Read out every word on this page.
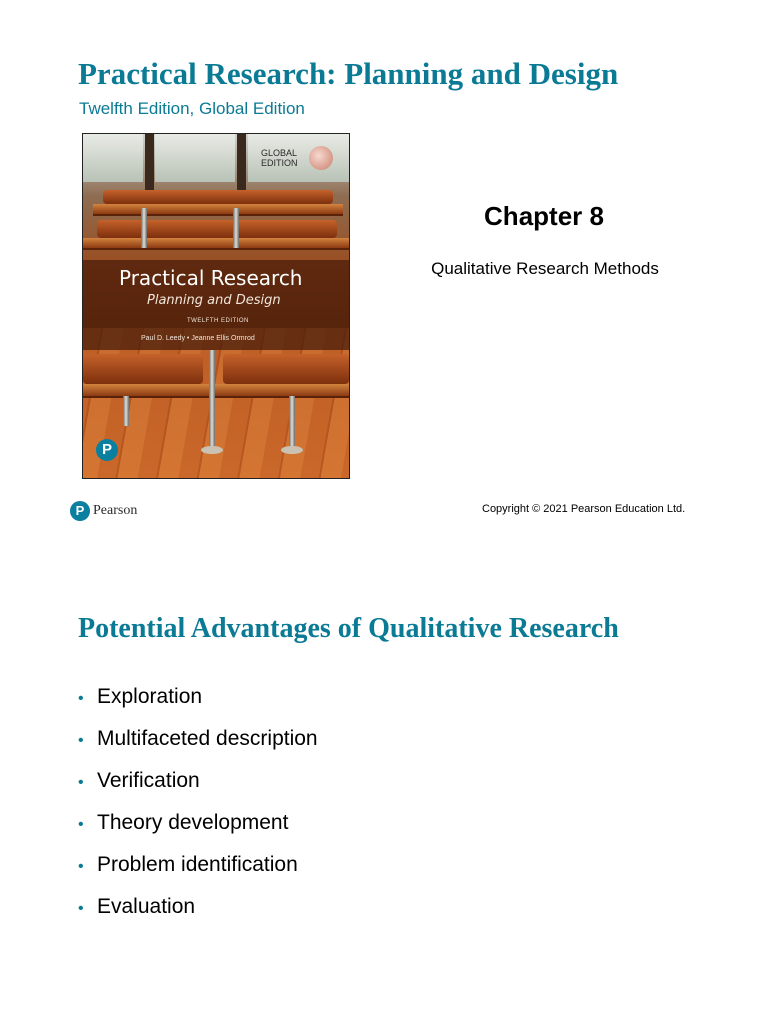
Practical Research: Planning and Design

Twelfth Edition, Global Edition

GLOBAL
EDITION
Practical Research
Planning and Design
TWELFTH EDITION
Paul D. Leedy • Jeanne Ellis Ormrod
P
Chapter 8

Qualitative Research Methods

P Pearson	Copyright © 2021 Pearson Education Ltd.
Potential Advantages of Qualitative Research
• Exploration
• Multifaceted description
• Verification
• Theory development
• Problem identification
• Evaluation
